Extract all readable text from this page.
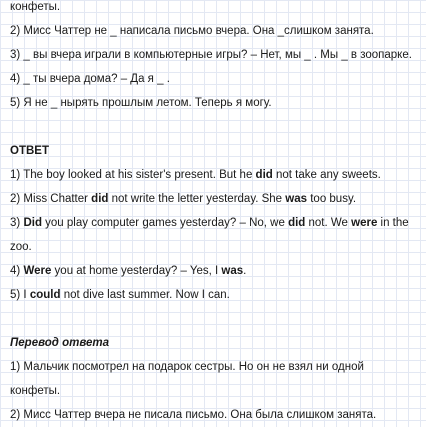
конфеты.
2) Мисс Чаттер не _ написала письмо вчера. Она _слишком занята.
3) _ вы вчера играли в компьютерные игры? – Нет, мы _ . Мы _ в зоопарке.
4) _ ты вчера дома? – Да я _ .
5) Я не _ нырять прошлым летом. Теперь я могу.
ОТВЕТ
1) The boy looked at his sister's present. But he did not take any sweets.
2) Miss Chatter did not write the letter yesterday. She was too busy.
3) Did you play computer games yesterday? – No, we did not. We were in the
zoo.
4) Were you at home yesterday? – Yes, I was.
5) I could not dive last summer. Now I can.
Перевод ответа
1) Мальчик посмотрел на подарок сестры. Но он не взял ни одной
конфеты.
2) Мисс Чаттер вчера не писала письмо. Она была слишком занята.
